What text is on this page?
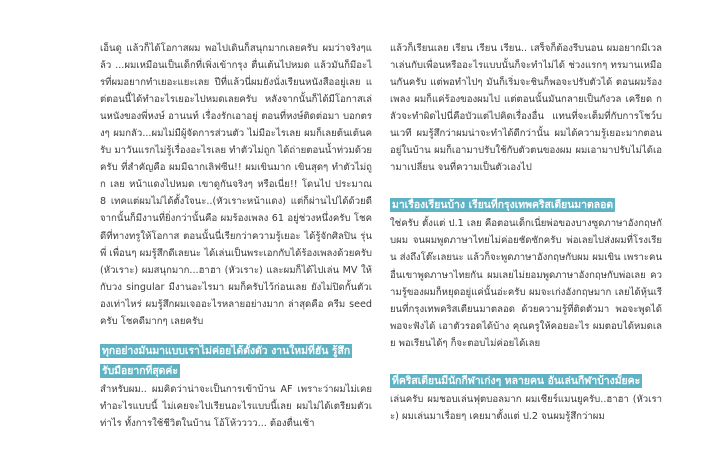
เอ็นดู แล้วก็ได้โอกาสผม พอไปเดินก็สนุกมากเลยครับ ผมว่าจริงๆแล้ว ...ผมเหมือนเป็นเด็กที่เพิ่งเข้ากรุง ตื่นเต้นไปหมด แล้วมันก็มีอะไรที่ผมอยากทำเยอะแยะเลย ปีที่แล้วนี่ผมยังนั่งเรียนหนังสืออยู่เลย แต่ตอนนี้ได้ทำอะไรเยอะไปหมดเลยครับ หลังจากนั้นก็ได้มีโอกาสเล่นหนังของพี่หงษ์ อานนท์ เรื่องรักเอาอยู่ ตอนที่หงษ์ติดต่อมา บอกตรงๆ ผมกลัว...ผมไม่มีผู้จัดการส่วนตัว ไม่มีอะไรเลย ผมก็เลยต้นเต้นครับ มาวันแรกไม่รู้เรื่องอะไรเลย ทำตัวไม่ถูก ได้ถ่ายตอนน้ำท่วมด้วยครับ ที่สำคัญคือ ผมมีฉากเลิฟซีน!! ผมเขินมาก เขินสุดๆ ทำตัวไม่ถูก เลย หน้าแดงไปหมด เขาดูกันจริงๆ หรือเนี่ย!! โดนไป ประมาณ 8 เทคแต่ผมไม่ได้ตั้งใจนะ..(หัวเราะหน้าแดง) แต่ก็ผ่านไปได้ด้วยดี จากนั้นก็มีงานที่ยิ่งกว่านั้นคือ ผมร้องเพลง 61 อยู่ช่วงหนึ่งครับ โชคดีที่ทางทรูให้โอกาส ตอนนั้นนี่เรียกว่าความรู้เยอะ ได้รู้จักศิลปิน รุ่นพี่ เพื่อนๆ ผมรู้สึกดีเลยนะ ได้เล่นเป็นพระเอกกับได้ร้องเพลงด้วยครับ (หัวเราะ) ผมสนุกมาก...ฮาฮา (หัวเราะ) และผมก็ได้ไปเล่น MV ให้กับวง singular มีงานอะไรมา ผมก็ครับไว้ก่อนเลย ยังไม่ปิดกั้นตัวเองเท่าไหร่ ผมรู้สึกผมเจออะไรหลายอย่างมาก ล่าสุดคือ ครีม seed ครับ โชคดีมากๆ เลยครับ

ทุกอย่างมันมาแบบเราไม่ค่อยได้ตั้งตัว งานใหม่ที่ฮัน รู้สึกรับมือยากที่สุดค่ะ

สำหรับผม.. ผมคิดว่าน่าจะเป็นการเข้าบ้าน AF เพราะว่าผมไม่เคยทำอะไรแบบนี้ ไม่เคยจะไปเรียนอะไรแบบนี้เลย ผมไม่ได้เตรียมตัวเท่าไร ทั้งการใช้ชีวิตในบ้าน โอ้โห้วววว... ต้องตื่นเช้า

แล้วก็เรียนเลย เรียน เรียน เรียน.. เสร็จก็ต้องรีบนอน ผมอยากมีเวลาเล่นกับเพื่อนหรืออะไรแบบนั้นก็จะทำไม่ได้ ช่วงแรกๆ ทรมานเหมือนกันครับ แต่พอทำไปๆ มันก็เริ่มจะชินก็พอจะปรับตัวได้ ตอนผมร้องเพลง ผมก็แค่ร้องของผมไป แต่ตอนนั้นมันกลายเป็นกังวล เครียด กลัวจะทำผิดไปนี่คือบัวแต่ไปคิดเรื่องอื่น แทนที่จะเต็มที่กับการโชว์บนเวที ผมรู้สึกว่าผมน่าจะทำได้ดีกว่านั้น ผมได้ความรู้เยอะมากตอนอยู่ในบ้าน ผมก็เอามาปรับใช้กับตัวตนของผม ผมเอามาปรับไม่ได้เอามาเปลี่ยน จนที่ความเป็นตัวเองไป

มาเรื่องเรียนบ้าง เรียนที่กรุงเทพคริสเตียนมาตลอด

ใช่ครับ ตั้งแต่ ป.1 เลย คือตอนเด็กเนี่ยพ่อของบางซูดภาษาอังกฤษกับผม จนผมพูดภาษาไทยไม่ค่อยชัดซักครับ พ่อเลยไปส่งผมที่โรงเรียน ส่งถึงโต๊ะเลยนะ แล้วก็จะพูดภาษาอังกฤษกับผม ผมเขิน เพราะคนอื่นเขาพูดภาษาไทยกัน ผมเลยไม่ยอมพูดภาษาอังกฤษกับพ่อเลย ความรู้ของผมก็หยุดอยู่แค่นั้นอ่ะครับ ผมจะเก่งอังกฤษมาก เลยได้หุ้นเรียนที่กรุงเทพคริสเตียนมาตลอด ด้วยความรู้ที่ติดตัวมา พอจะพูดได้ พอจะฟังได้ เอาตัวรอดได้บ้าง คุณครูให้คอยอะไร ผมตอบได้หมดเลย พอเรียนได้ๆ ก็จะตอบไม่ค่อยได้เลย

ที่คริสเตียนมีนักกีฬาเก่งๆ หลายคน อันเล่นกีฬาบ้างมั้ยคะ

เล่นครับ ผมชอบเล่นฟุตบอลมาก ผมเชียร์แมนยูครับ..ฮาฮา (หัวเราะ) ผมเล่นมาเรื่อยๆ เคยมาตั้งแต่ ป.2 จนผมรู้สึกว่าผม
